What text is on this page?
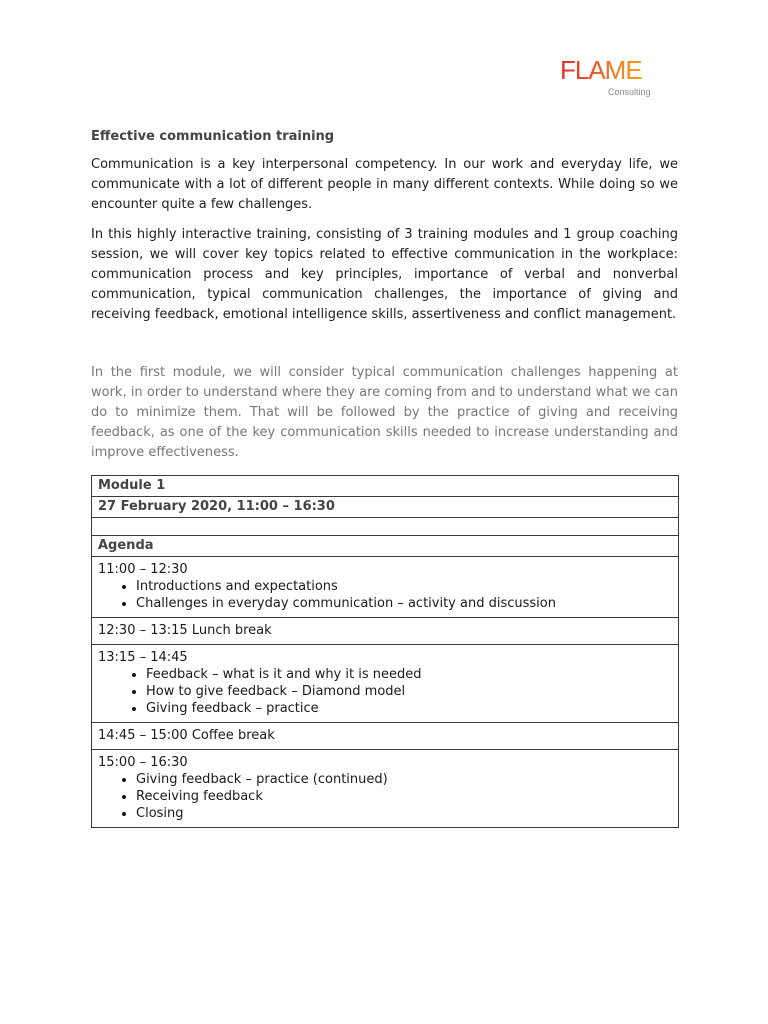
FLAME
Consulting
Effective communication training

Communication is a key interpersonal competency. In our work and everyday life, we communicate with a lot of different people in many different contexts. While doing so we encounter quite a few challenges.

In this highly interactive training, consisting of 3 training modules and 1 group coaching session, we will cover key topics related to effective communication in the workplace: communication process and key principles, importance of verbal and nonverbal communication, typical communication challenges, the importance of giving and receiving feedback, emotional intelligence skills, assertiveness and conflict management.

In the first module, we will consider typical communication challenges happening at work, in order to understand where they are coming from and to understand what we can do to minimize them. That will be followed by the practice of giving and receiving feedback, as one of the key communication skills needed to increase understanding and improve effectiveness.

Module 1
27 February 2020, 11:00 – 16:30

Agenda

11:00 – 12:30
• Introductions and expectations
• Challenges in everyday communication – activity and discussion

12:30 – 13:15 Lunch break

13:15 – 14:45
• Feedback – what is it and why it is needed
• How to give feedback – Diamond model
• Giving feedback – practice

14:45 – 15:00 Coffee break

15:00 – 16:30
• Giving feedback – practice (continued)
• Receiving feedback
• Closing
